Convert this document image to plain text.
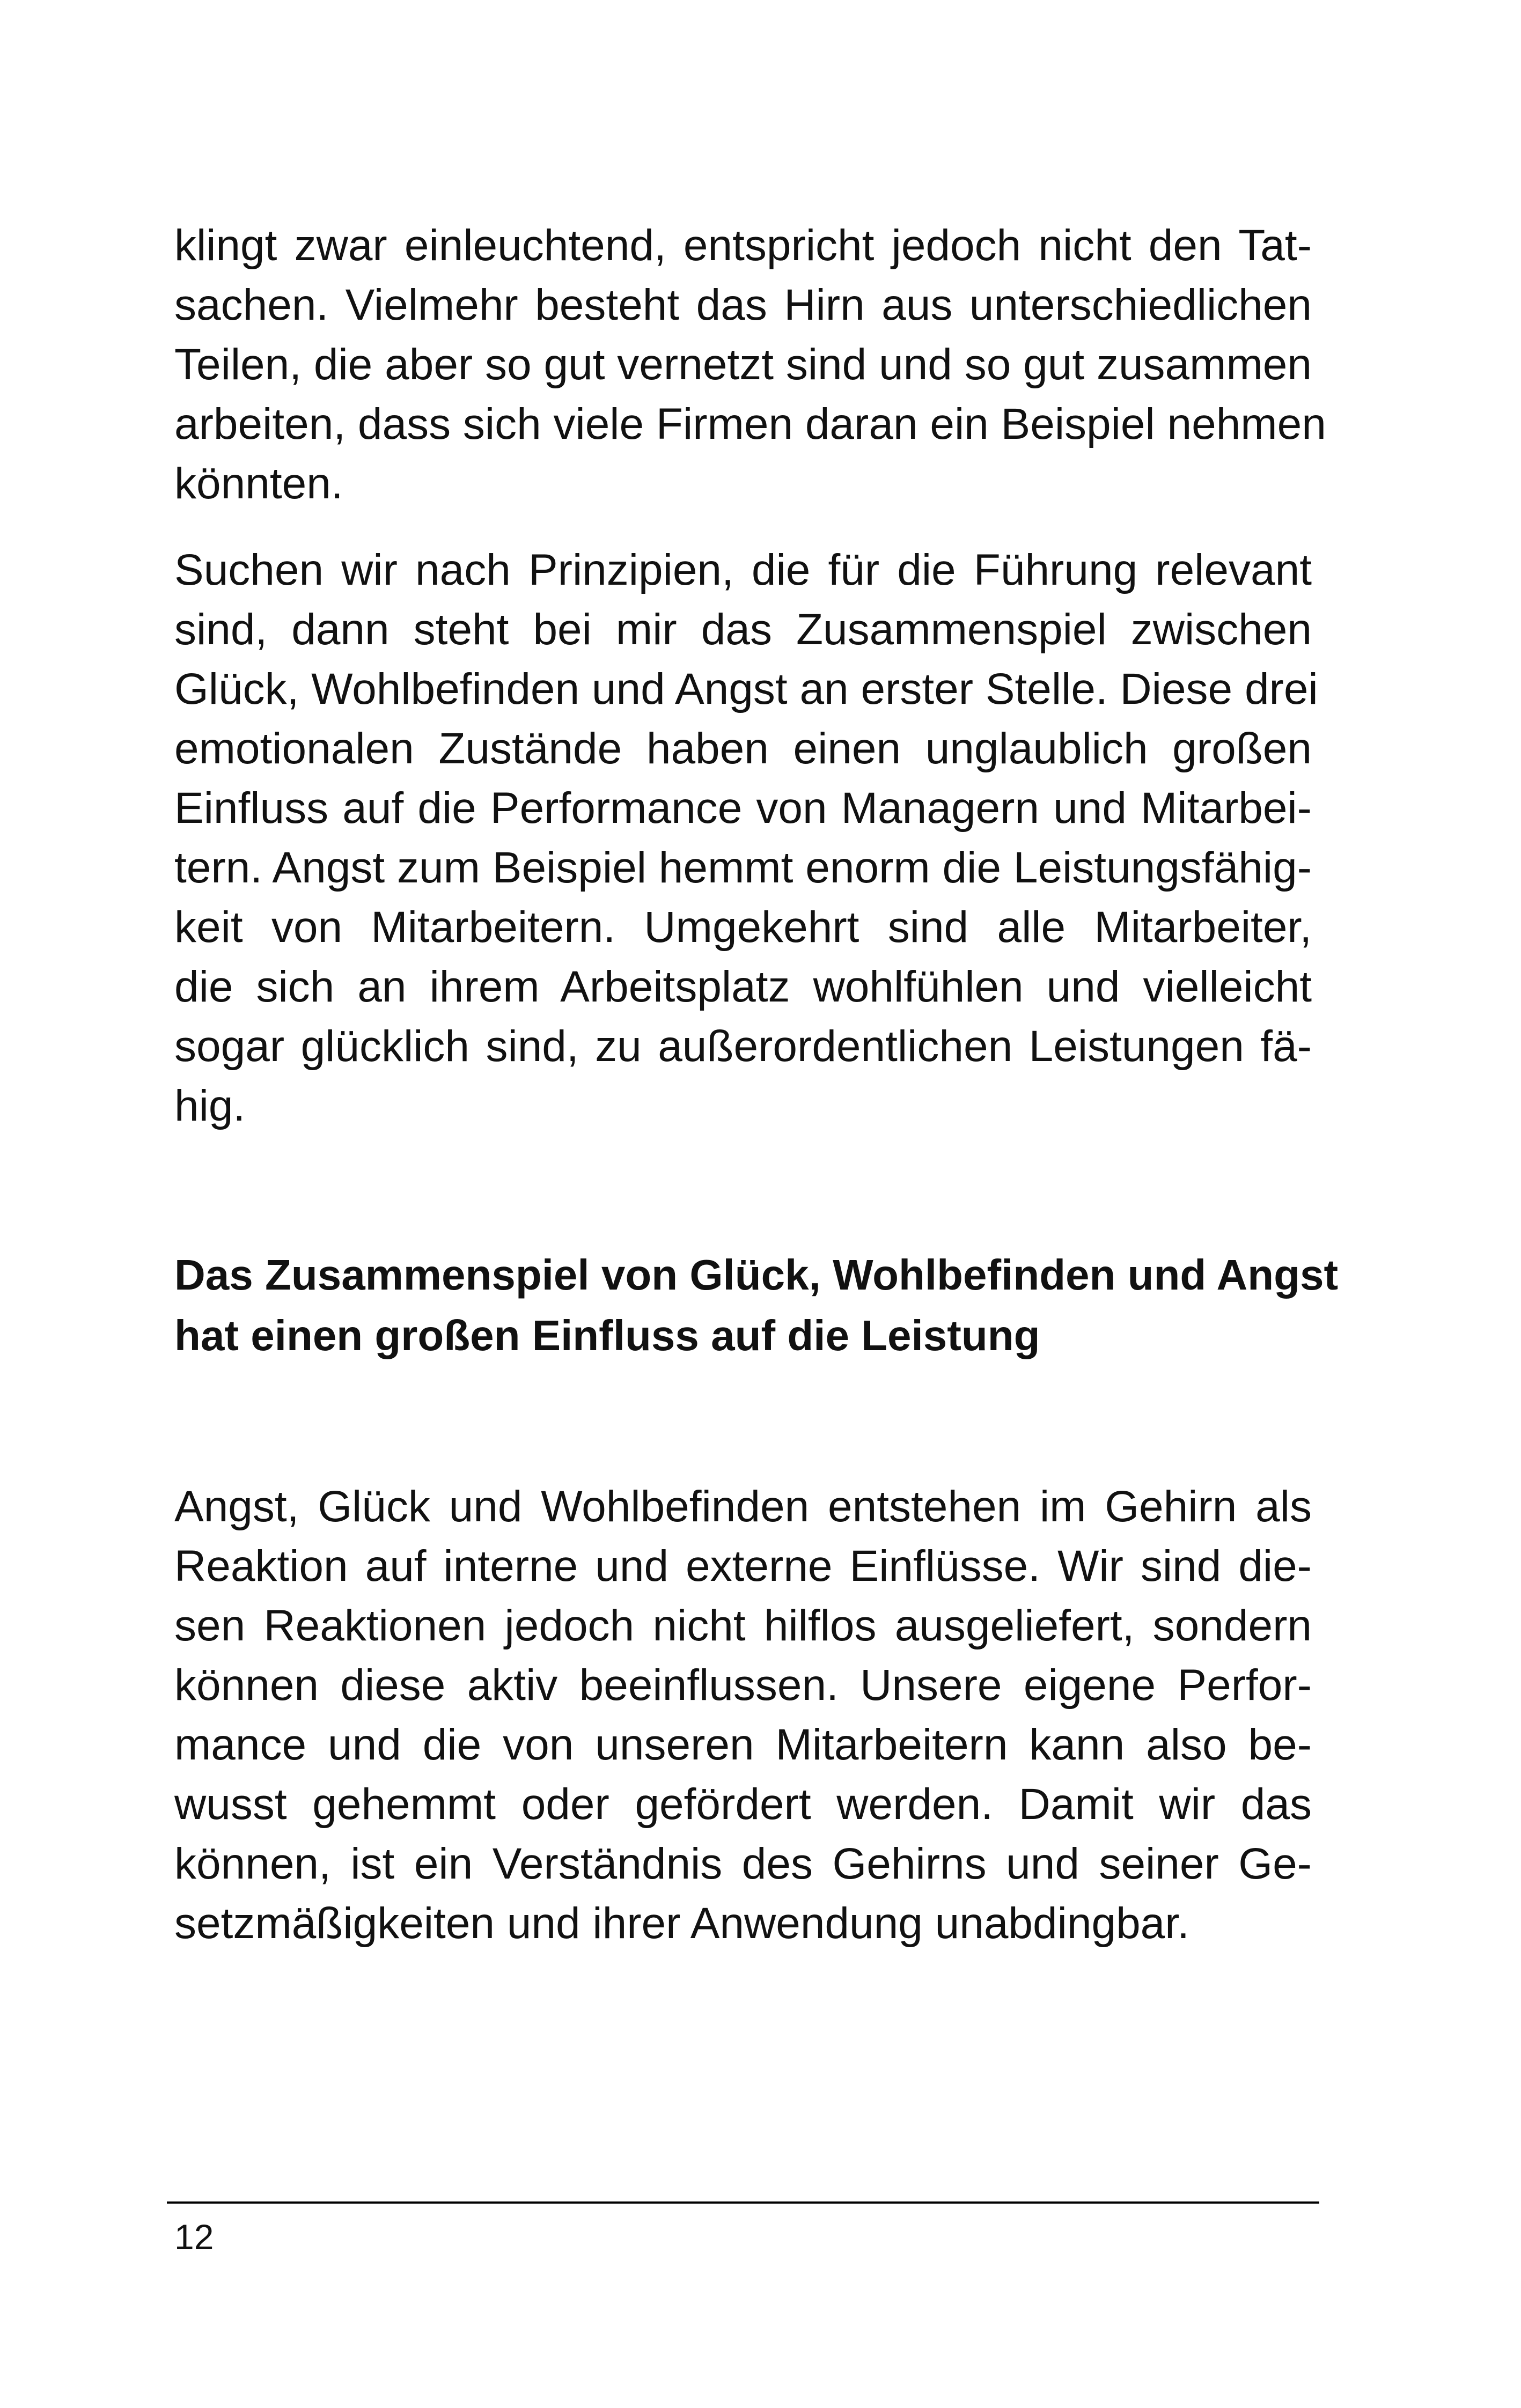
klingt zwar einleuchtend, entspricht jedoch nicht den Tat-
sachen. Vielmehr besteht das Hirn aus unterschiedlichen
Teilen, die aber so gut vernetzt sind und so gut zusammen
arbeiten, dass sich viele Firmen daran ein Beispiel nehmen
könnten.
Suchen wir nach Prinzipien, die für die Führung relevant
sind, dann steht bei mir das Zusammenspiel zwischen
Glück, Wohlbefinden und Angst an erster Stelle. Diese drei
emotionalen Zustände haben einen unglaublich großen
Einfluss auf die Performance von Managern und Mitarbei-
tern. Angst zum Beispiel hemmt enorm die Leistungsfähig-
keit von Mitarbeitern. Umgekehrt sind alle Mitarbeiter,
die sich an ihrem Arbeitsplatz wohlfühlen und vielleicht
sogar glücklich sind, zu außerordentlichen Leistungen fä-
hig.
Das Zusammenspiel von Glück, Wohlbefinden und Angst
hat einen großen Einfluss auf die Leistung
Angst, Glück und Wohlbefinden entstehen im Gehirn als
Reaktion auf interne und externe Einflüsse. Wir sind die-
sen Reaktionen jedoch nicht hilflos ausgeliefert, sondern
können diese aktiv beeinflussen. Unsere eigene Perfor-
mance und die von unseren Mitarbeitern kann also be-
wusst gehemmt oder gefördert werden. Damit wir das
können, ist ein Verständnis des Gehirns und seiner Ge-
setzmäßigkeiten und ihrer Anwendung unabdingbar.
12
